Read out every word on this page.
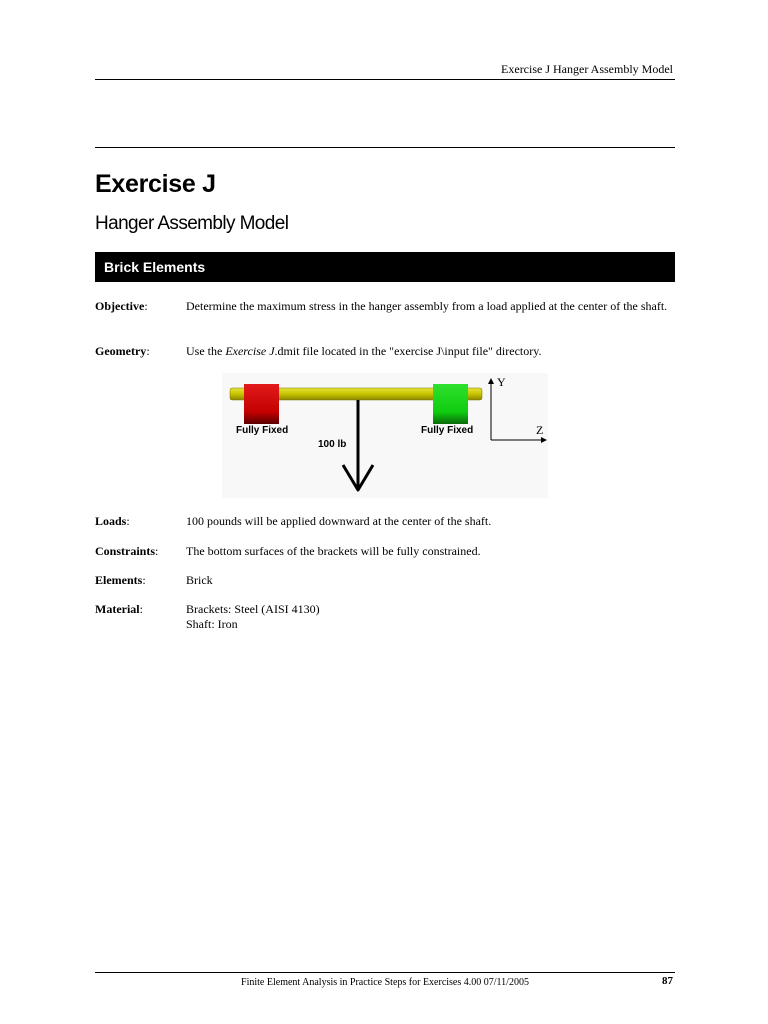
Exercise J Hanger Assembly Model
Exercise J
Hanger Assembly Model
Brick Elements
Objective:	Determine the maximum stress in the hanger assembly from a load applied at the center of the shaft.
Geometry:	Use the Exercise J.dmit file located in the "exercise J\input file" directory.
Fully Fixed	Fully Fixed
100 lb
Y
Z
Loads:	100 pounds will be applied downward at the center of the shaft.
Constraints:	The bottom surfaces of the brackets will be fully constrained.
Elements:	Brick
Material:	Brackets: Steel (AISI 4130)
Shaft: Iron
Finite Element Analysis in Practice Steps for Exercises 4.00 07/11/2005	87
